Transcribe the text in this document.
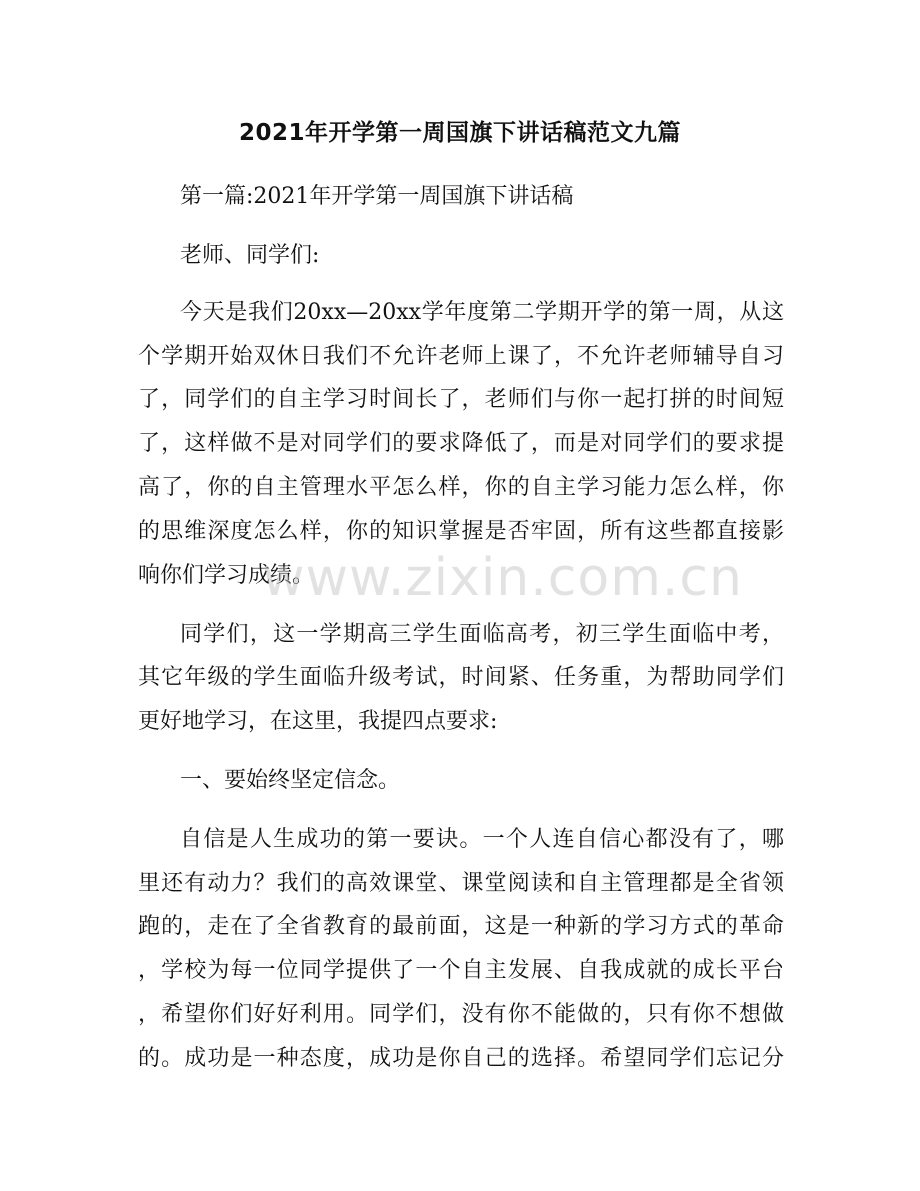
2021年开学第一周国旗下讲话稿范文九篇

第一篇:2021年开学第一周国旗下讲话稿

老师、同学们:

今天是我们20xx—20xx学年度第二学期开学的第一周，从这

个学期开始双休日我们不允许老师上课了，不允许老师辅导自习

了，同学们的自主学习时间长了，老师们与你一起打拼的时间短

了，这样做不是对同学们的要求降低了，而是对同学们的要求提

高了，你的自主管理水平怎么样，你的自主学习能力怎么样，你

的思维深度怎么样，你的知识掌握是否牢固，所有这些都直接影

响你们学习成绩。

同学们，这一学期高三学生面临高考，初三学生面临中考，

其它年级的学生面临升级考试，时间紧、任务重，为帮助同学们

更好地学习，在这里，我提四点要求:

一、要始终坚定信念。

自信是人生成功的第一要诀。一个人连自信心都没有了，哪

里还有动力？我们的高效课堂、课堂阅读和自主管理都是全省领

跑的，走在了全省教育的最前面，这是一种新的学习方式的革命

，学校为每一位同学提供了一个自主发展、自我成就的成长平台

，希望你们好好利用。同学们，没有你不能做的，只有你不想做

的。成功是一种态度，成功是你自己的选择。希望同学们忘记分

www.zixin.com.cn
